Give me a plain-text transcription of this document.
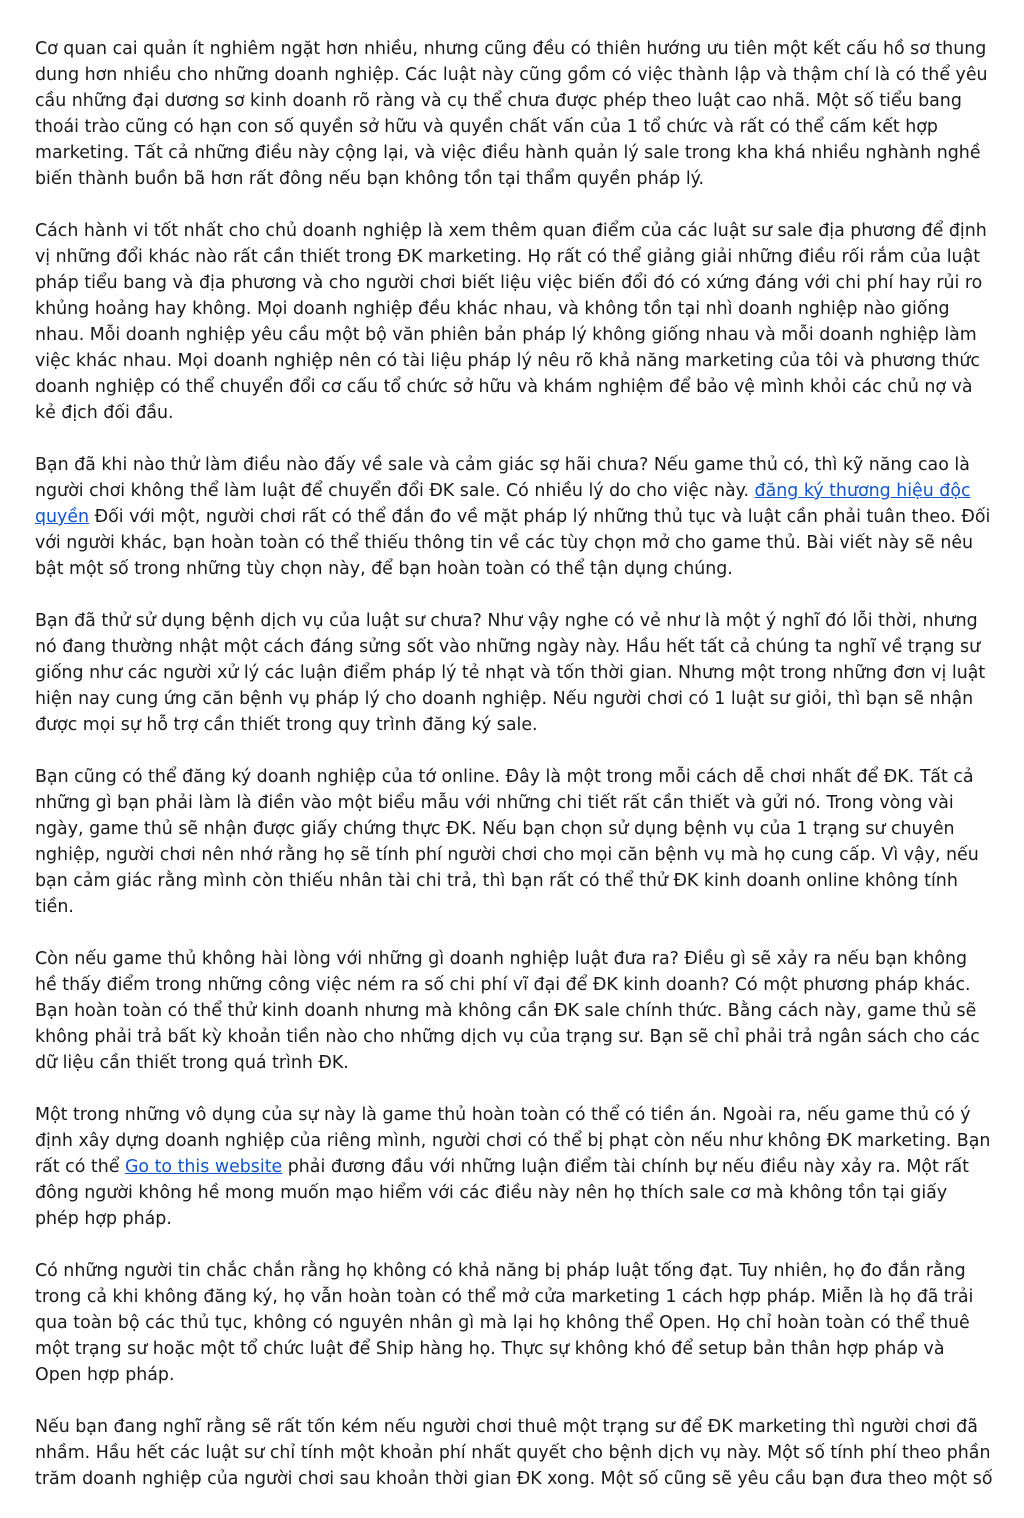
Cơ quan cai quản ít nghiêm ngặt hơn nhiều, nhưng cũng đều có thiên hướng ưu tiên một kết cấu hồ sơ thung dung hơn nhiều cho những doanh nghiệp. Các luật này cũng gồm có việc thành lập và thậm chí là có thể yêu cầu những đại dương sơ kinh doanh rõ ràng và cụ thể chưa được phép theo luật cao nhã. Một số tiểu bang thoái trào cũng có hạn con số quyền sở hữu và quyền chất vấn của 1 tổ chức và rất có thể cấm kết hợp marketing. Tất cả những điều này cộng lại, và việc điều hành quản lý sale trong kha khá nhiều nghành nghề biến thành buồn bã hơn rất đông nếu bạn không tồn tại thẩm quyền pháp lý.

Cách hành vi tốt nhất cho chủ doanh nghiệp là xem thêm quan điểm của các luật sư sale địa phương để định vị những đổi khác nào rất cần thiết trong ĐK marketing. Họ rất có thể giảng giải những điều rối rắm của luật pháp tiểu bang và địa phương và cho người chơi biết liệu việc biến đổi đó có xứng đáng với chi phí hay rủi ro khủng hoảng hay không. Mọi doanh nghiệp đều khác nhau, và không tồn tại nhì doanh nghiệp nào giống nhau. Mỗi doanh nghiệp yêu cầu một bộ văn phiên bản pháp lý không giống nhau và mỗi doanh nghiệp làm việc khác nhau. Mọi doanh nghiệp nên có tài liệu pháp lý nêu rõ khả năng marketing của tôi và phương thức doanh nghiệp có thể chuyển đổi cơ cấu tổ chức sở hữu và khám nghiệm để bảo vệ mình khỏi các chủ nợ và kẻ địch đối đầu.

Bạn đã khi nào thử làm điều nào đấy về sale và cảm giác sợ hãi chưa? Nếu game thủ có, thì kỹ năng cao là người chơi không thể làm luật để chuyển đổi ĐK sale. Có nhiều lý do cho việc này. đăng ký thương hiệu độc quyền Đối với một, người chơi rất có thể đắn đo về mặt pháp lý những thủ tục và luật cần phải tuân theo. Đối với người khác, bạn hoàn toàn có thể thiếu thông tin về các tùy chọn mở cho game thủ. Bài viết này sẽ nêu bật một số trong những tùy chọn này, để bạn hoàn toàn có thể tận dụng chúng.

Bạn đã thử sử dụng bệnh dịch vụ của luật sư chưa? Như vậy nghe có vẻ như là một ý nghĩ đó lỗi thời, nhưng nó đang thường nhật một cách đáng sửng sốt vào những ngày này. Hầu hết tất cả chúng ta nghĩ về trạng sư giống như các người xử lý các luận điểm pháp lý tẻ nhạt và tốn thời gian. Nhưng một trong những đơn vị luật hiện nay cung ứng căn bệnh vụ pháp lý cho doanh nghiệp. Nếu người chơi có 1 luật sư giỏi, thì bạn sẽ nhận được mọi sự hỗ trợ cần thiết trong quy trình đăng ký sale.

Bạn cũng có thể đăng ký doanh nghiệp của tớ online. Đây là một trong mỗi cách dễ chơi nhất để ĐK. Tất cả những gì bạn phải làm là điền vào một biểu mẫu với những chi tiết rất cần thiết và gửi nó. Trong vòng vài ngày, game thủ sẽ nhận được giấy chứng thực ĐK. Nếu bạn chọn sử dụng bệnh vụ của 1 trạng sư chuyên nghiệp, người chơi nên nhớ rằng họ sẽ tính phí người chơi cho mọi căn bệnh vụ mà họ cung cấp. Vì vậy, nếu bạn cảm giác rằng mình còn thiếu nhân tài chi trả, thì bạn rất có thể thử ĐK kinh doanh online không tính tiền.

Còn nếu game thủ không hài lòng với những gì doanh nghiệp luật đưa ra? Điều gì sẽ xảy ra nếu bạn không hề thấy điểm trong những công việc ném ra số chi phí vĩ đại để ĐK kinh doanh? Có một phương pháp khác. Bạn hoàn toàn có thể thử kinh doanh nhưng mà không cần ĐK sale chính thức. Bằng cách này, game thủ sẽ không phải trả bất kỳ khoản tiền nào cho những dịch vụ của trạng sư. Bạn sẽ chỉ phải trả ngân sách cho các dữ liệu cần thiết trong quá trình ĐK.

Một trong những vô dụng của sự này là game thủ hoàn toàn có thể có tiền án. Ngoài ra, nếu game thủ có ý định xây dựng doanh nghiệp của riêng mình, người chơi có thể bị phạt còn nếu như không ĐK marketing. Bạn rất có thể Go to this website phải đương đầu với những luận điểm tài chính bự nếu điều này xảy ra. Một rất đông người không hề mong muốn mạo hiểm với các điều này nên họ thích sale cơ mà không tồn tại giấy phép hợp pháp.

Có những người tin chắc chắn rằng họ không có khả năng bị pháp luật tống đạt. Tuy nhiên, họ đo đắn rằng trong cả khi không đăng ký, họ vẫn hoàn toàn có thể mở cửa marketing 1 cách hợp pháp. Miễn là họ đã trải qua toàn bộ các thủ tục, không có nguyên nhân gì mà lại họ không thể Open. Họ chỉ hoàn toàn có thể thuê một trạng sư hoặc một tổ chức luật để Ship hàng họ. Thực sự không khó để setup bản thân hợp pháp và Open hợp pháp.

Nếu bạn đang nghĩ rằng sẽ rất tốn kém nếu người chơi thuê một trạng sư để ĐK marketing thì người chơi đã nhầm. Hầu hết các luật sư chỉ tính một khoản phí nhất quyết cho bệnh dịch vụ này. Một số tính phí theo phần trăm doanh nghiệp của người chơi sau khoản thời gian ĐK xong. Một số cũng sẽ yêu cầu bạn đưa theo một số
